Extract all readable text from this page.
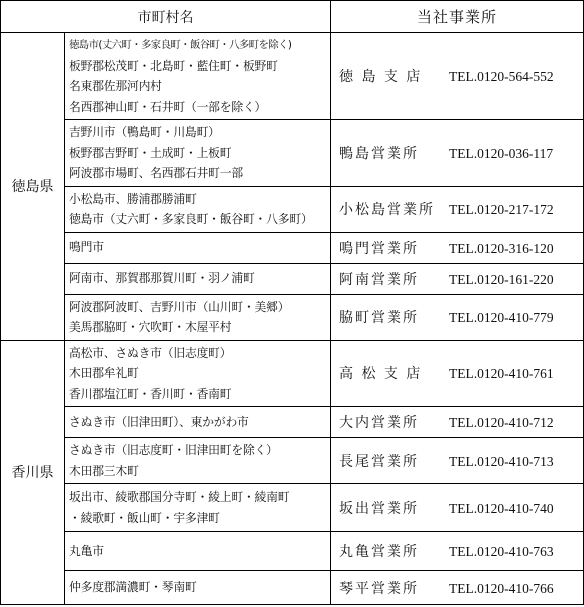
市町村名		当社事業所
徳島県	徳島市(丈六町・多家良町・飯谷町・八多町を除く)
板野郡松茂町・北島町・藍住町・板野町
名東郡佐那河内村
名西郡神山町・石井町（一部を除く）	徳 島 支 店 TEL.0120-564-552

	吉野川市（鴨島町・川島町）
板野郡吉野町・土成町・上板町
阿波郡市場町、名西郡石井町一部	鴨島営業所 TEL.0120-036-117

	小松島市、勝浦郡勝浦町
徳島市（丈六町・多家良町・飯谷町・八多町）	小松島営業所 TEL.0120-217-172

	鳴門市	鳴門営業所 TEL.0120-316-120

	阿南市、那賀郡那賀川町・羽ノ浦町	阿南営業所 TEL.0120-161-220

	阿波郡阿波町、吉野川市（山川町・美郷）
美馬郡脇町・穴吹町・木屋平村	脇町営業所 TEL.0120-410-779
香川県	高松市、さぬき市（旧志度町）
木田郡牟礼町
香川郡塩江町・香川町・香南町	高 松 支 店 TEL.0120-410-761

	さぬき市（旧津田町）、東かがわ市	大内営業所 TEL.0120-410-712

	さぬき市（旧志度町・旧津田町を除く）
木田郡三木町	長尾営業所 TEL.0120-410-713

	坂出市、綾歌郡国分寺町・綾上町・綾南町
・綾歌町・飯山町・宇多津町	坂出営業所 TEL.0120-410-740

	丸亀市	丸亀営業所 TEL.0120-410-763

	仲多度郡満濃町・琴南町	琴平営業所 TEL.0120-410-766
